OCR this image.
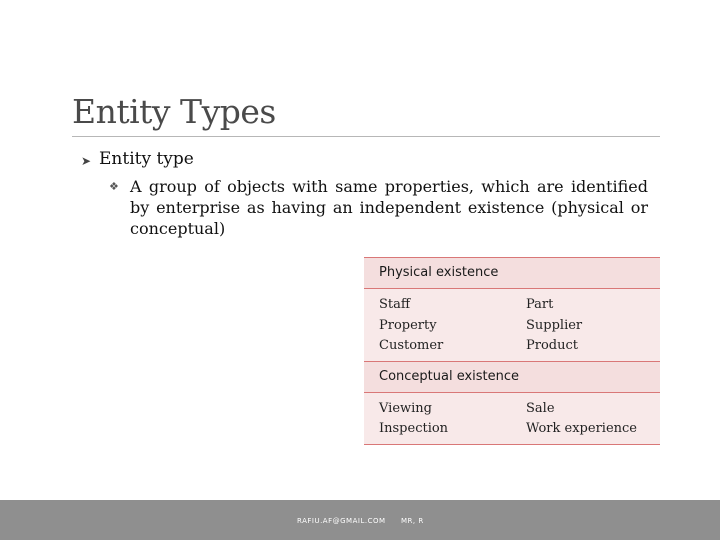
Entity Types
➤ Entity type
❖ A group of objects with same properties, which are identified by enterprise as having an independent existence (physical or conceptual)
Physical existence
Staff	Part
Property	Supplier
Customer	Product
Conceptual existence
Viewing	Sale
Inspection	Work experience
RAFIU.AF@GMAIL.COM MR, R
